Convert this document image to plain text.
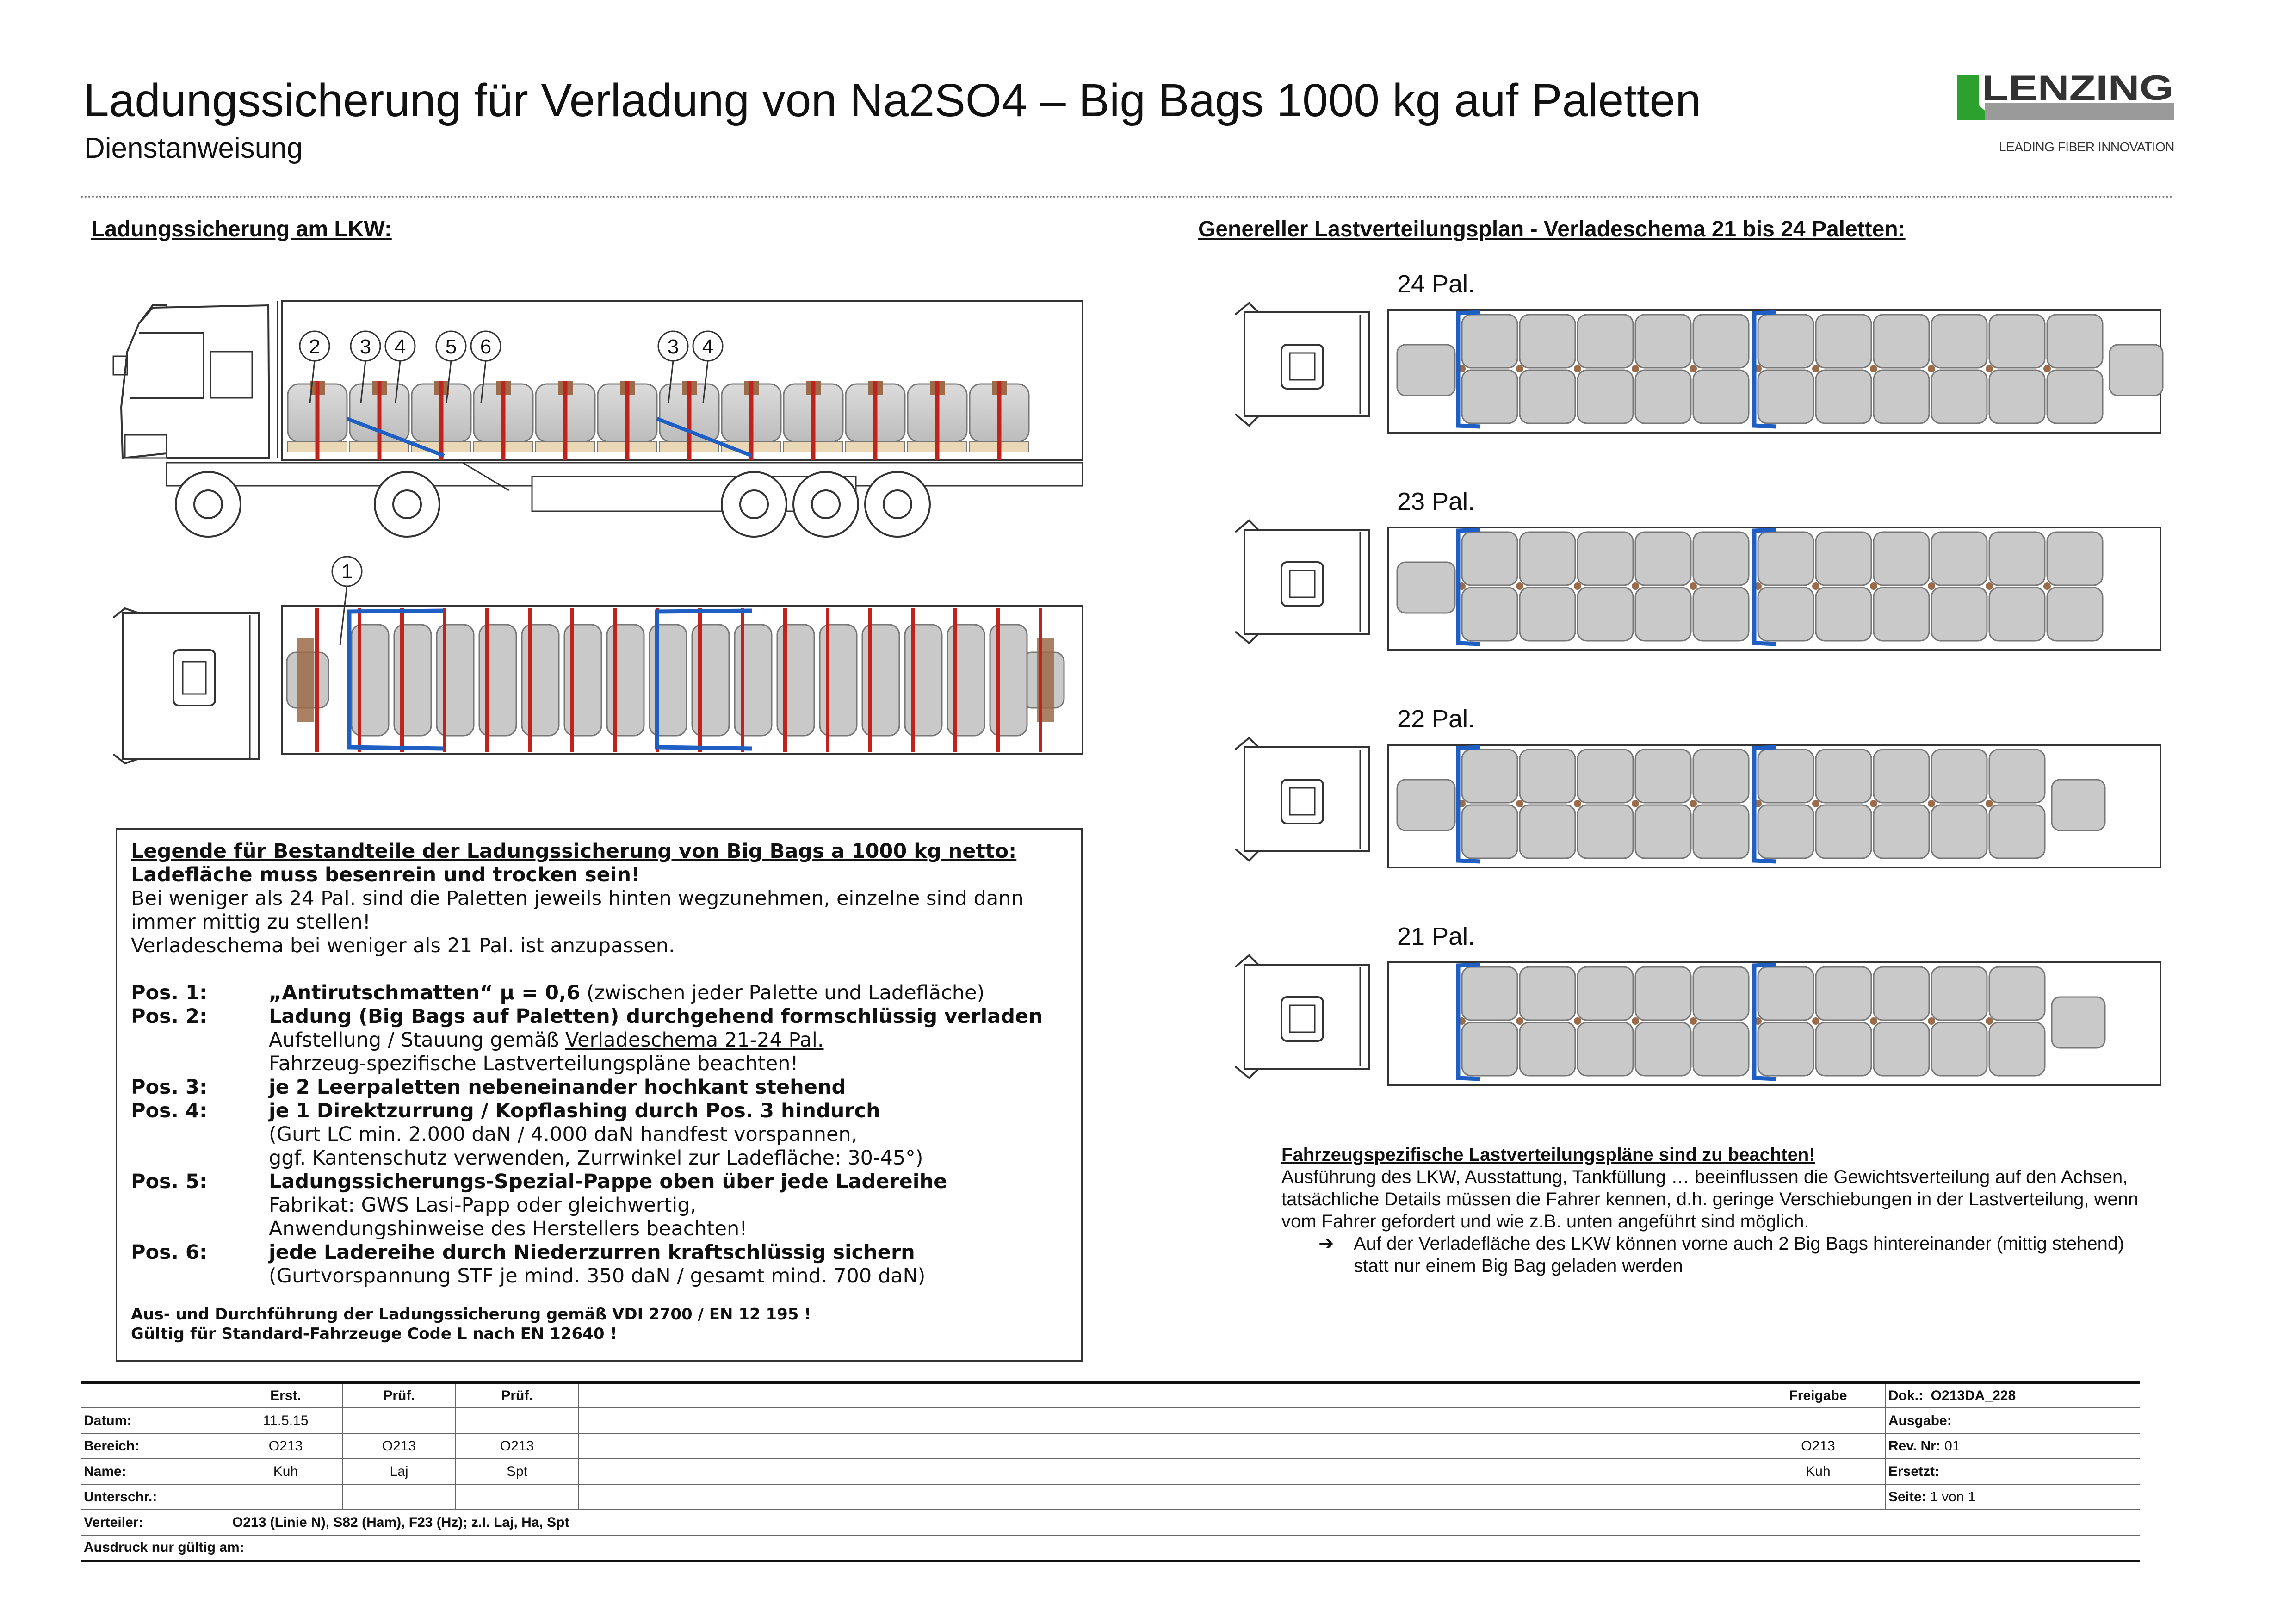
Ladungssicherung für Verladung von Na2SO4 – Big Bags 1000 kg auf Paletten
Dienstanweisung
LENZING
LEADING FIBER INNOVATION
Ladungssicherung am LKW:	Genereller Lastverteilungsplan - Verladeschema 21 bis 24 Paletten:
2 3 4 5 6	3 4
1
24 Pal.
23 Pal.
22 Pal.
21 Pal.
Legende für Bestandteile der Ladungssicherung von Big Bags a 1000 kg netto:
Ladefläche muss besenrein und trocken sein!
Bei weniger als 24 Pal. sind die Paletten jeweils hinten wegzunehmen, einzelne sind dann immer mittig zu stellen!
Verladeschema bei weniger als 21 Pal. ist anzupassen.
Pos. 1:	„Antirutschmatten“ µ = 0,6 (zwischen jeder Palette und Ladefläche)
Pos. 2:	Ladung (Big Bags auf Paletten) durchgehend formschlüssig verladen
Aufstellung / Stauung gemäß Verladeschema 21-24 Pal.
Fahrzeug-spezifische Lastverteilungspläne beachten!
Pos. 3:	je 2 Leerpaletten nebeneinander hochkant stehend
Pos. 4:	je 1 Direktzurrung / Kopflashing durch Pos. 3 hindurch
(Gurt LC min. 2.000 daN / 4.000 daN handfest vorspannen,
ggf. Kantenschutz verwenden, Zurrwinkel zur Ladefläche: 30-45°)
Pos. 5:	Ladungssicherungs-Spezial-Pappe oben über jede Ladereihe
Fabrikat: GWS Lasi-Papp oder gleichwertig,
Anwendungshinweise des Herstellers beachten!
Pos. 6:	jede Ladereihe durch Niederzurren kraftschlüssig sichern
(Gurtvorspannung STF je mind. 350 daN / gesamt mind. 700 daN)
Aus- und Durchführung der Ladungssicherung gemäß VDI 2700 / EN 12 195 !
Gültig für Standard-Fahrzeuge Code L nach EN 12640 !
Fahrzeugspezifische Lastverteilungspläne sind zu beachten!
Ausführung des LKW, Ausstattung, Tankfüllung … beeinflussen die Gewichtsverteilung auf den Achsen, tatsächliche Details müssen die Fahrer kennen, d.h. geringe Verschiebungen in der Lastverteilung, wenn vom Fahrer gefordert und wie z.B. unten angeführt sind möglich.
➔	Auf der Verladefläche des LKW können vorne auch 2 Big Bags hintereinander (mittig stehend) statt nur einem Big Bag geladen werden
	Erst.	Prüf.	Prüf.		Freigabe	Dok.: O213DA_228
Datum:	11.5.15					Ausgabe:
Bereich:	O213	O213	O213		O213	Rev. Nr: 01
Name:	Kuh	Laj	Spt		Kuh	Ersetzt:
Unterschr.:						Seite: 1 von 1
Verteiler:	O213 (Linie N), S82 (Ham), F23 (Hz); z.I. Laj, Ha, Spt					
Ausdruck nur gültig am:						
